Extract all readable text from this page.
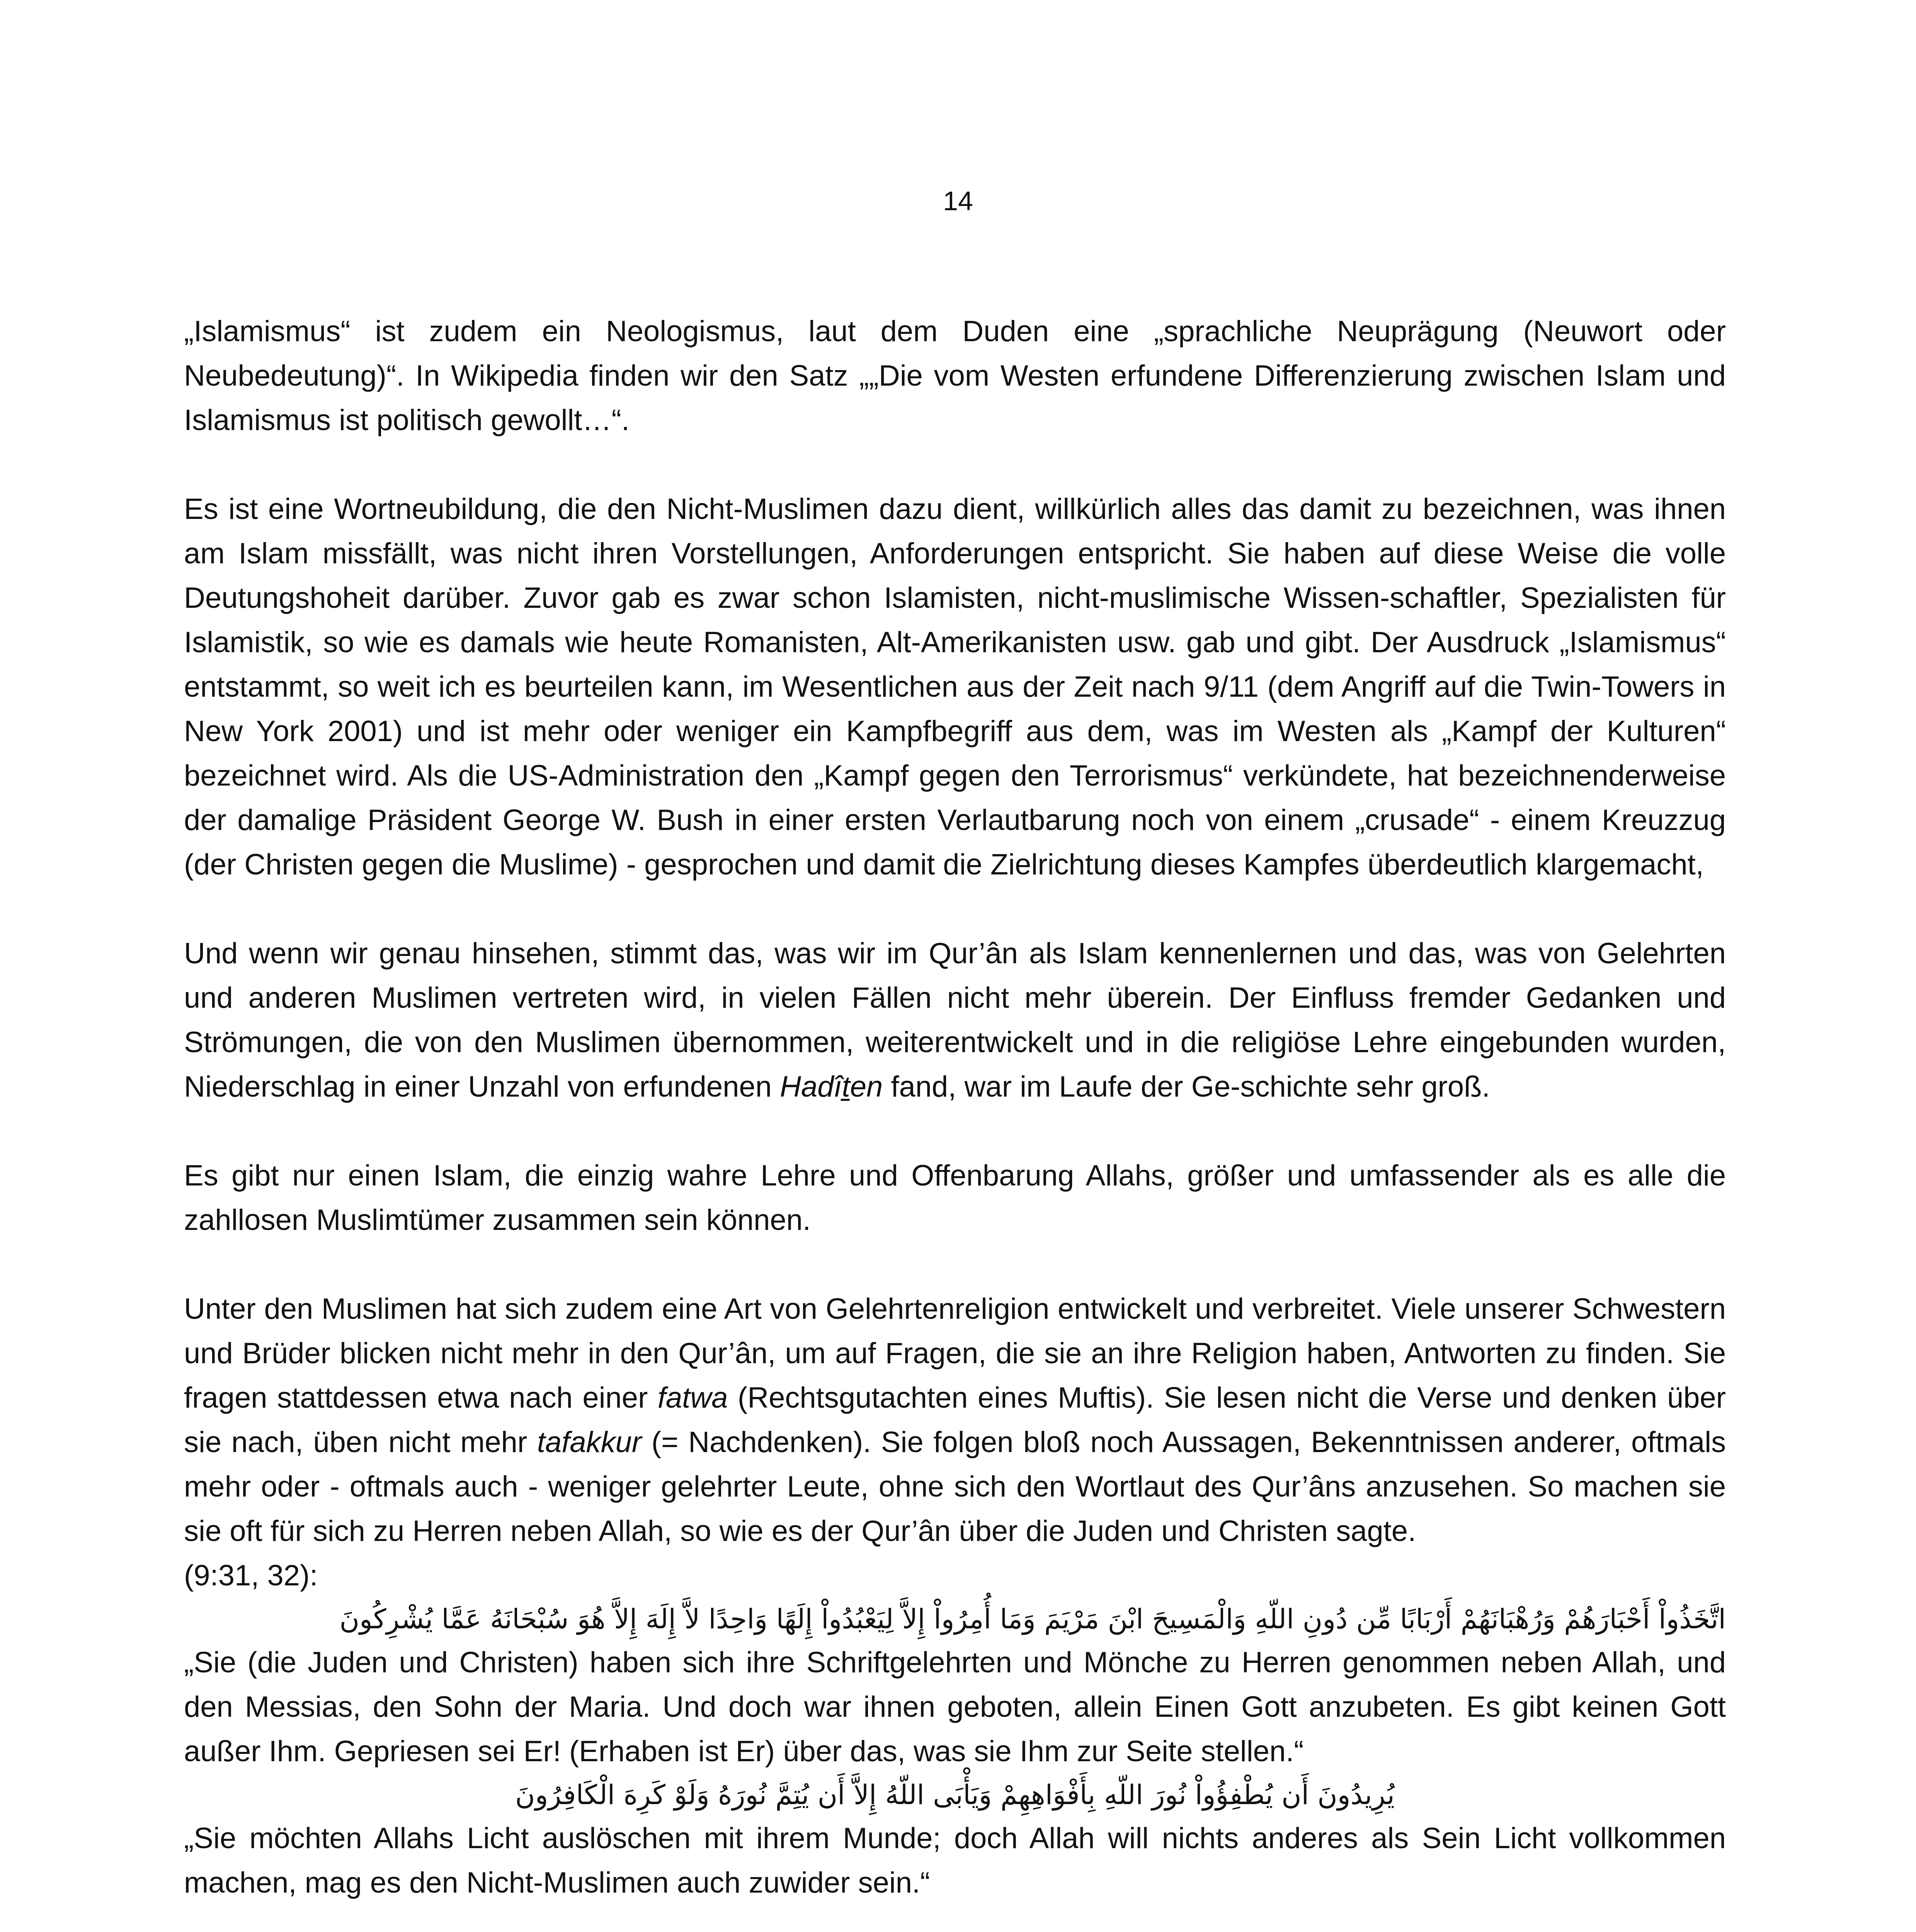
14

„Islamismus“ ist zudem ein Neologismus, laut dem Duden eine „sprachliche Neuprägung (Neuwort oder Neubedeutung)“. In Wikipedia finden wir den Satz „„Die vom Westen erfundene Differenzierung zwischen Islam und Islamismus ist politisch gewollt…“.

Es ist eine Wortneubildung, die den Nicht-Muslimen dazu dient, willkürlich alles das damit zu bezeichnen, was ihnen am Islam missfällt, was nicht ihren Vorstellungen, Anforderungen entspricht. Sie haben auf diese Weise die volle Deutungshoheit darüber. Zuvor gab es zwar schon Islamisten, nicht-muslimische Wissen-schaftler, Spezialisten für Islamistik, so wie es damals wie heute Romanisten, Alt-Amerikanisten usw. gab und gibt. Der Ausdruck „Islamismus“ entstammt, so weit ich es beurteilen kann, im Wesentlichen aus der Zeit nach 9/11 (dem Angriff auf die Twin-Towers in New York 2001) und ist mehr oder weniger ein Kampfbegriff aus dem, was im Westen als „Kampf der Kulturen“ bezeichnet wird. Als die US-Administration den „Kampf gegen den Terrorismus“ verkündete, hat bezeichnenderweise der damalige Präsident George W. Bush in einer ersten Verlautbarung noch von einem „crusade“ - einem Kreuzzug (der Christen gegen die Muslime) - gesprochen und damit die Zielrichtung dieses Kampfes überdeutlich klargemacht,

Und wenn wir genau hinsehen, stimmt das, was wir im Qur’ân als Islam kennenlernen und das, was von Gelehrten und anderen Muslimen vertreten wird, in vielen Fällen nicht mehr überein. Der Einfluss fremder Gedanken und Strömungen, die von den Muslimen übernommen, weiterentwickelt und in die religiöse Lehre eingebunden wurden, Niederschlag in einer Unzahl von erfundenen Hadîṯen fand, war im Laufe der Ge-schichte sehr groß.

Es gibt nur einen Islam, die einzig wahre Lehre und Offenbarung Allahs, größer und umfassender als es alle die zahllosen Muslimtümer zusammen sein können.

Unter den Muslimen hat sich zudem eine Art von Gelehrtenreligion entwickelt und verbreitet. Viele unserer Schwestern und Brüder blicken nicht mehr in den Qur’ân, um auf Fragen, die sie an ihre Religion haben, Antworten zu finden. Sie fragen stattdessen etwa nach einer fatwa (Rechtsgutachten eines Muftis). Sie lesen nicht die Verse und denken über sie nach, üben nicht mehr tafakkur (= Nachdenken). Sie folgen bloß noch Aussagen, Bekenntnissen anderer, oftmals mehr oder - oftmals auch - weniger gelehrter Leute, ohne sich den Wortlaut des Qur’âns anzusehen. So machen sie sie oft für sich zu Herren neben Allah, so wie es der Qur’ân über die Juden und Christen sagte.

(9:31, 32):

اتَّخَذُواْ أَحْبَارَهُمْ وَرُهْبَانَهُمْ أَرْبَابًا مِّن دُونِ اللّهِ وَالْمَسِيحَ ابْنَ مَرْيَمَ وَمَا أُمِرُواْ إِلاَّ لِيَعْبُدُواْ إِلَهًا وَاحِدًا لاَّ إِلَهَ إِلاَّ هُوَ سُبْحَانَهُ عَمَّا يُشْرِكُونَ

„Sie (die Juden und Christen) haben sich ihre Schriftgelehrten und Mönche zu Herren genommen neben Allah, und den Messias, den Sohn der Maria. Und doch war ihnen geboten, allein Einen Gott anzubeten. Es gibt keinen Gott außer Ihm. Gepriesen sei Er! (Erhaben ist Er) über das, was sie Ihm zur Seite stellen.“

يُرِيدُونَ أَن يُطْفِؤُواْ نُورَ اللّهِ بِأَفْوَاهِهِمْ وَيَأْبَى اللّهُ إِلاَّ أَن يُتِمَّ نُورَهُ وَلَوْ كَرِهَ الْكَافِرُونَ

„Sie möchten Allahs Licht auslöschen mit ihrem Munde; doch Allah will nichts anderes als Sein Licht vollkommen machen, mag es den Nicht-Muslimen auch zuwider sein.“
